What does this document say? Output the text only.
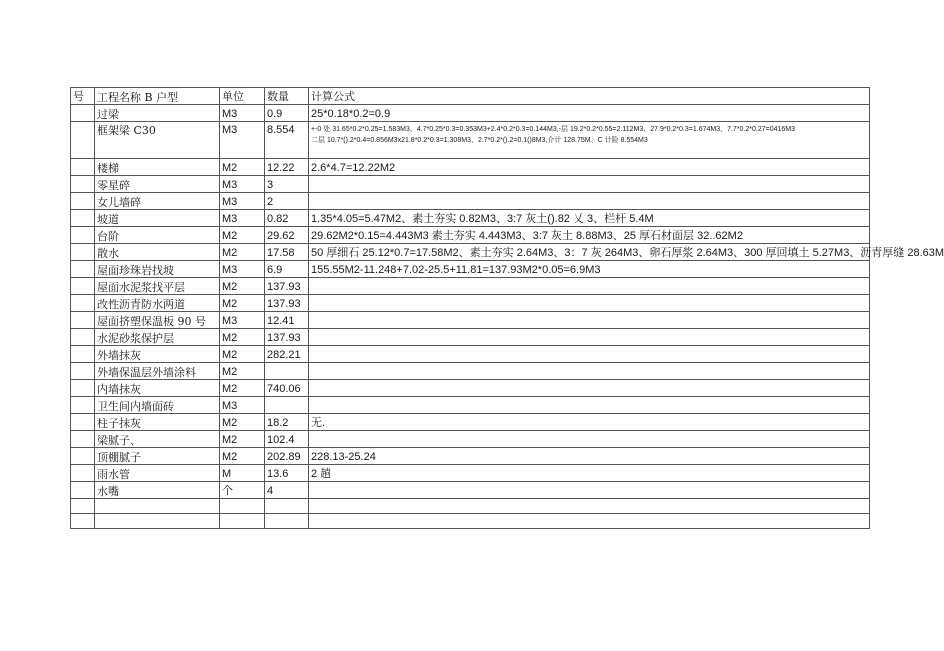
号	工程名称 B 户型	单位	数量	计算公式
	过梁	M3	0.9	25*0.18*0.2=0.9

	框架梁 C30	M3	8.554	+-0 处 31.65*0.2*0.25=1.583M3、4.7*0.25*0.3=0.353M3+2.4*0.2*0.3=0.144M3,-层 19.2*0.2*0.55=2.112M3、27.9*0.2*0.3=1.674M3、7.7*0.2*0.27=0416M3
二层 10.7*().2*0.4=0.856M3x21.8*0.2*0.3=1.308M3、2.7*0.2*().2=0.1()8M3,介计 128.75M、C 计险 8.554M3

	楼梯	M2	12.22	2.6*4.7=12.22M2

	零星碎	M3	3	

	女儿墙碎	M3	2	

	坡道	M3	0.82	1.35*4.05=5.47M2、素土夯实 0.82M3、3:7 灰土().82 乂 3、栏杆 5.4M

	台阶	M2	29.62	29.62M2*0.15=4.443M3 素土夯实 4.443M3、3:7 灰土 8.88M3、25 厚石材面层 32..62M2

	散水	M2	17.58	50 厚细石 25.12*0.7=17.58M2、素土夯实 2.64M3、3：7 灰 264M3、卵石厚浆 2.64M3、300 厚回填土 5.27M3、沥青厚缝 28.63M

	屋面珍珠岩找坡	M3	6.9	155.55M2-11.248+7.02-25.5+11.81=137.93M2*0.05=6.9M3

	屋面水泥浆找平层	M2	137.93	

	改性沥青防水两道	M2	137.93	

	屋面挤塑保温板 90 号	M3	12.41	

	水泥砂浆保护层	M2	137.93	

	外墙抹灰	M2	282.21	

	外墙保温层外墙涂料	M2		

	内墙抹灰	M2	740.06	

	卫生间内墙面砖	M3		

	柱子抹灰	M2	18.2	无.

	梁腻子、	M2	102.4	

	顶棚腻子	M2	202.89	228.13-25.24

	雨水管	M	13.6	2 趟

	水嘴	个	4	
